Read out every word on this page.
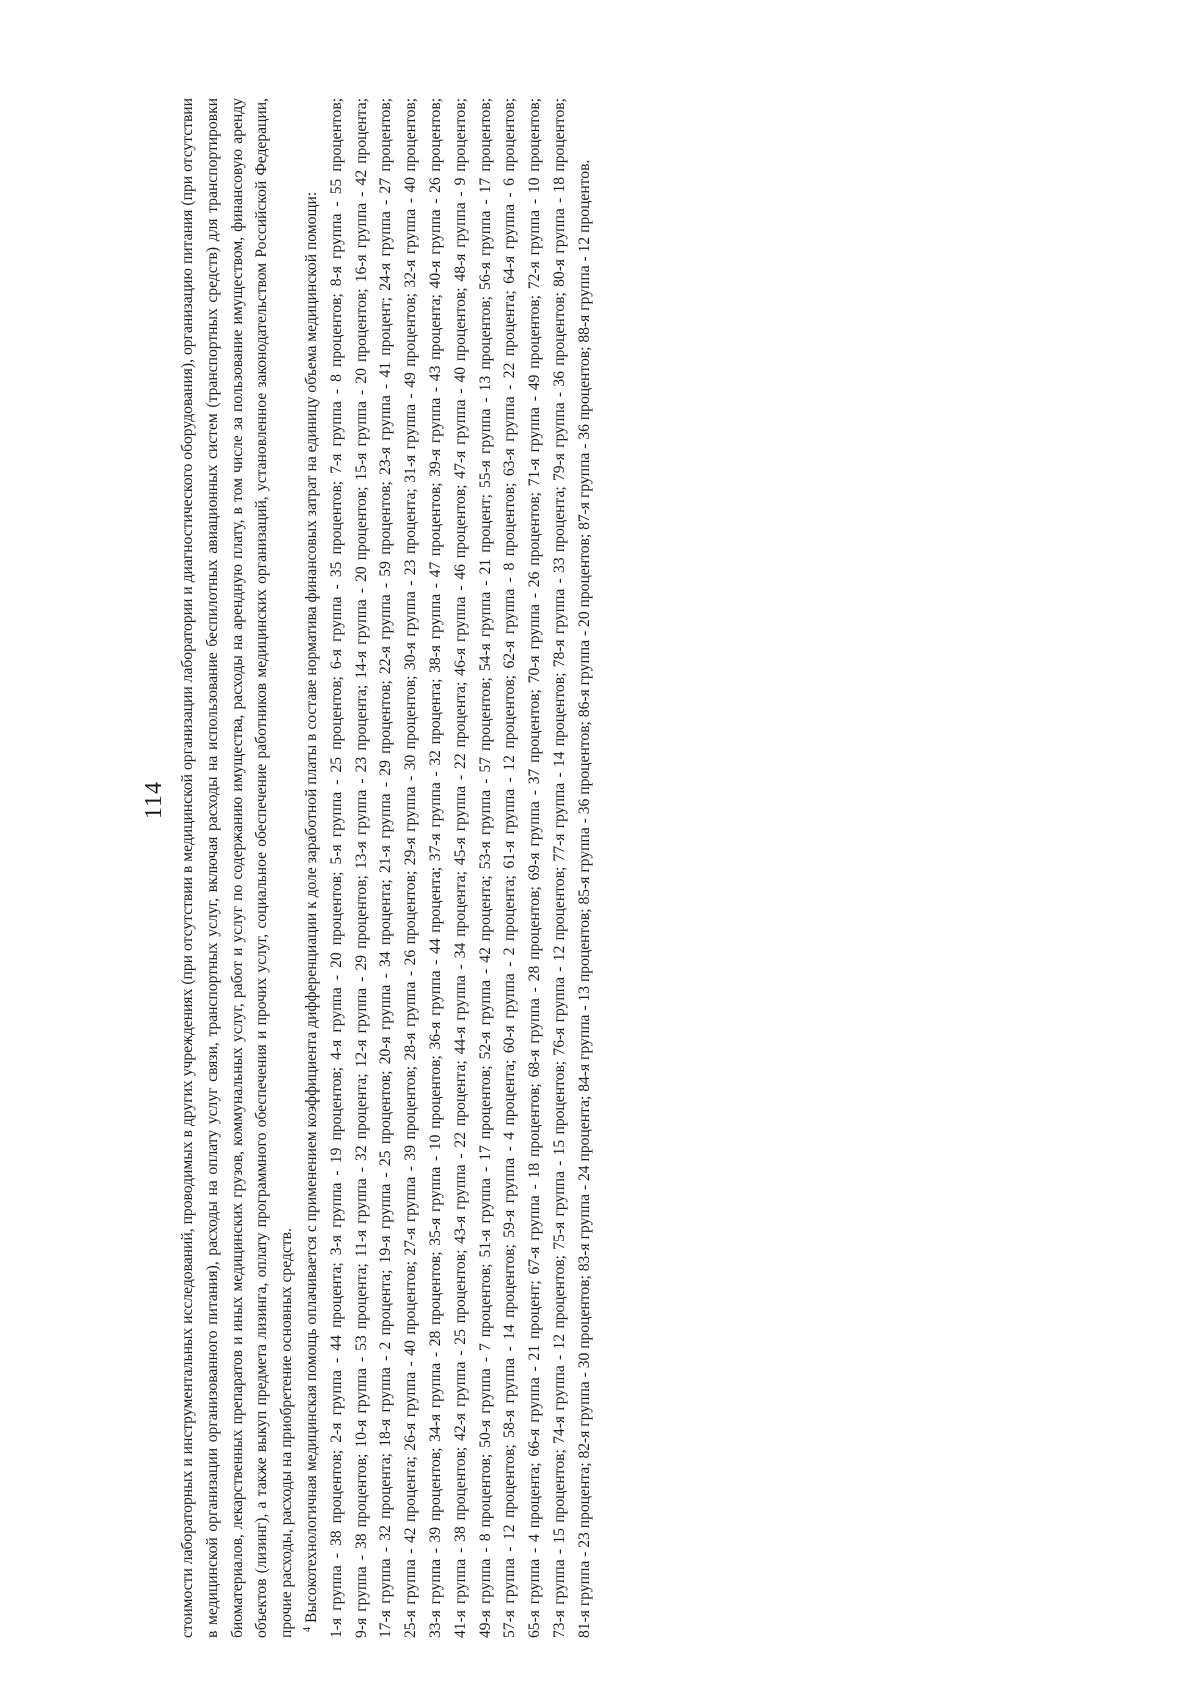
114 стоимости лабораторных и инструментальных исследований, проводимых в других учреждениях (при отсутствии в медицинской организации лаборатории и диагностического оборудования), организацию питания (при отсутствии в медицинской организации организованного питания), расходы на оплату услуг связи, транспортных услуг, включая расходы на использование беспилотных авиационных систем (транспортных средств) для транспортировки биоматериалов, лекарственных препаратов и иных медицинских грузов, коммунальных услуг, работ и услуг по содержанию имущества, расходы на арендную плату, в том числе за пользование имуществом, финансовую аренду объектов (лизинг), а также выкуп предмета лизинга, оплату программного обеспечения и прочих услуг, социальное обеспечение работников медицинских организаций, установленное законодательством Российской Федерации, прочие расходы, расходы на приобретение основных средств. $^4$Высокотехнологичная медицинская помощь оплачивается с применением коэффициента дифференциации к доле заработной платы в составе норматива финансовых затрат на единицу объема медицинской помощи: 1-я группа - 38 процентов; 2-я группа - 44 процента; 3-я группа - 19 процентов; 4-я группа - 20 процентов; 5-я группа - 25 процентов; 6-я группа - 35 процентов; 7-я группа - 8 процентов; 8-я группа - 55 процентов; 9-я группа - 38 процентов; 10-я группа - 53 процента; 11-я группа - 32 процента; 12-я группа - 29 процентов; 13-я группа - 23 процента; 14-я группа - 20 процентов; 15-я группа - 20 процентов; 16-я группа - 42 процента; 17-я группа - 32 процента; 18-я группа - 2 процента; 19-я группа - 25 процентов; 20-я группа - 34 процента; 21-я группа - 29 процентов; 22-я группа - 59 процентов; 23-я группа - 41 процент; 24-я группа - 27 процентов; 25-я группа - 42 процента; 26-я группа - 40 процентов; 27-я группа - 39 процентов; 28-я группа - 26 процентов; 29-я группа - 30 процентов; 30-я группа - 23 процента; 31-я группа - 49 процентов; 32-я группа - 40 процентов; 33-я группа - 39 процентов; 34-я группа - 28 процентов; 35-я группа - 10 процентов; 36-я группа - 44 процента; 37-я группа - 32 процента; 38-я группа - 47 процентов; 39-я группа - 43 процента; 40-я группа - 26 процентов; 41-я группа - 38 процентов; 42-я группа - 25 процентов; 43-я группа - 22 процента; 44-я группа - 34 процента; 45-я группа - 22 процента; 46-я группа - 46 процентов; 47-я группа - 40 процентов; 48-я группа - 9 процентов; 49-я группа - 8 процентов; 50-я группа - 7 процентов; 51-я группа - 17 процентов; 52-я группа - 42 процента; 53-я группа - 57 процентов; 54-я группа - 21 процент; 55-я группа - 13 процентов; 56-я группа - 17 процентов; 57-я группа - 12 процентов; 58-я группа - 14 процентов; 59-я группа - 4 процента; 60-я группа - 2 процента; 61-я группа - 12 процентов; 62-я группа - 8 процентов; 63-я группа - 22 процента; 64-я группа - 6 процентов; 65-я группа - 4 процента; 66-я группа - 21 процент; 67-я группа - 18 процентов; 68-я группа - 28 процентов; 69-я группа - 37 процентов; 70-я группа - 26 процентов; 71-я группа - 49 процентов; 72-я группа - 10 процентов; 73-я группа - 15 процентов; 74-я группа - 12 процентов; 75-я группа - 15 процентов; 76-я группа - 12 процентов; 77-я группа - 14 процентов; 78-я группа - 33 процента; 79-я группа - 36 процентов; 80-я группа - 18 процентов; 81-я группа - 23 процента; 82-я группа - 30 процентов; 83-я группа - 24 процента; 84-я группа - 13 процентов; 85-я группа - 36 процентов; 86-я группа - 20 процентов; 87-я группа - 36 процентов; 88-я группа - 12 процентов.
